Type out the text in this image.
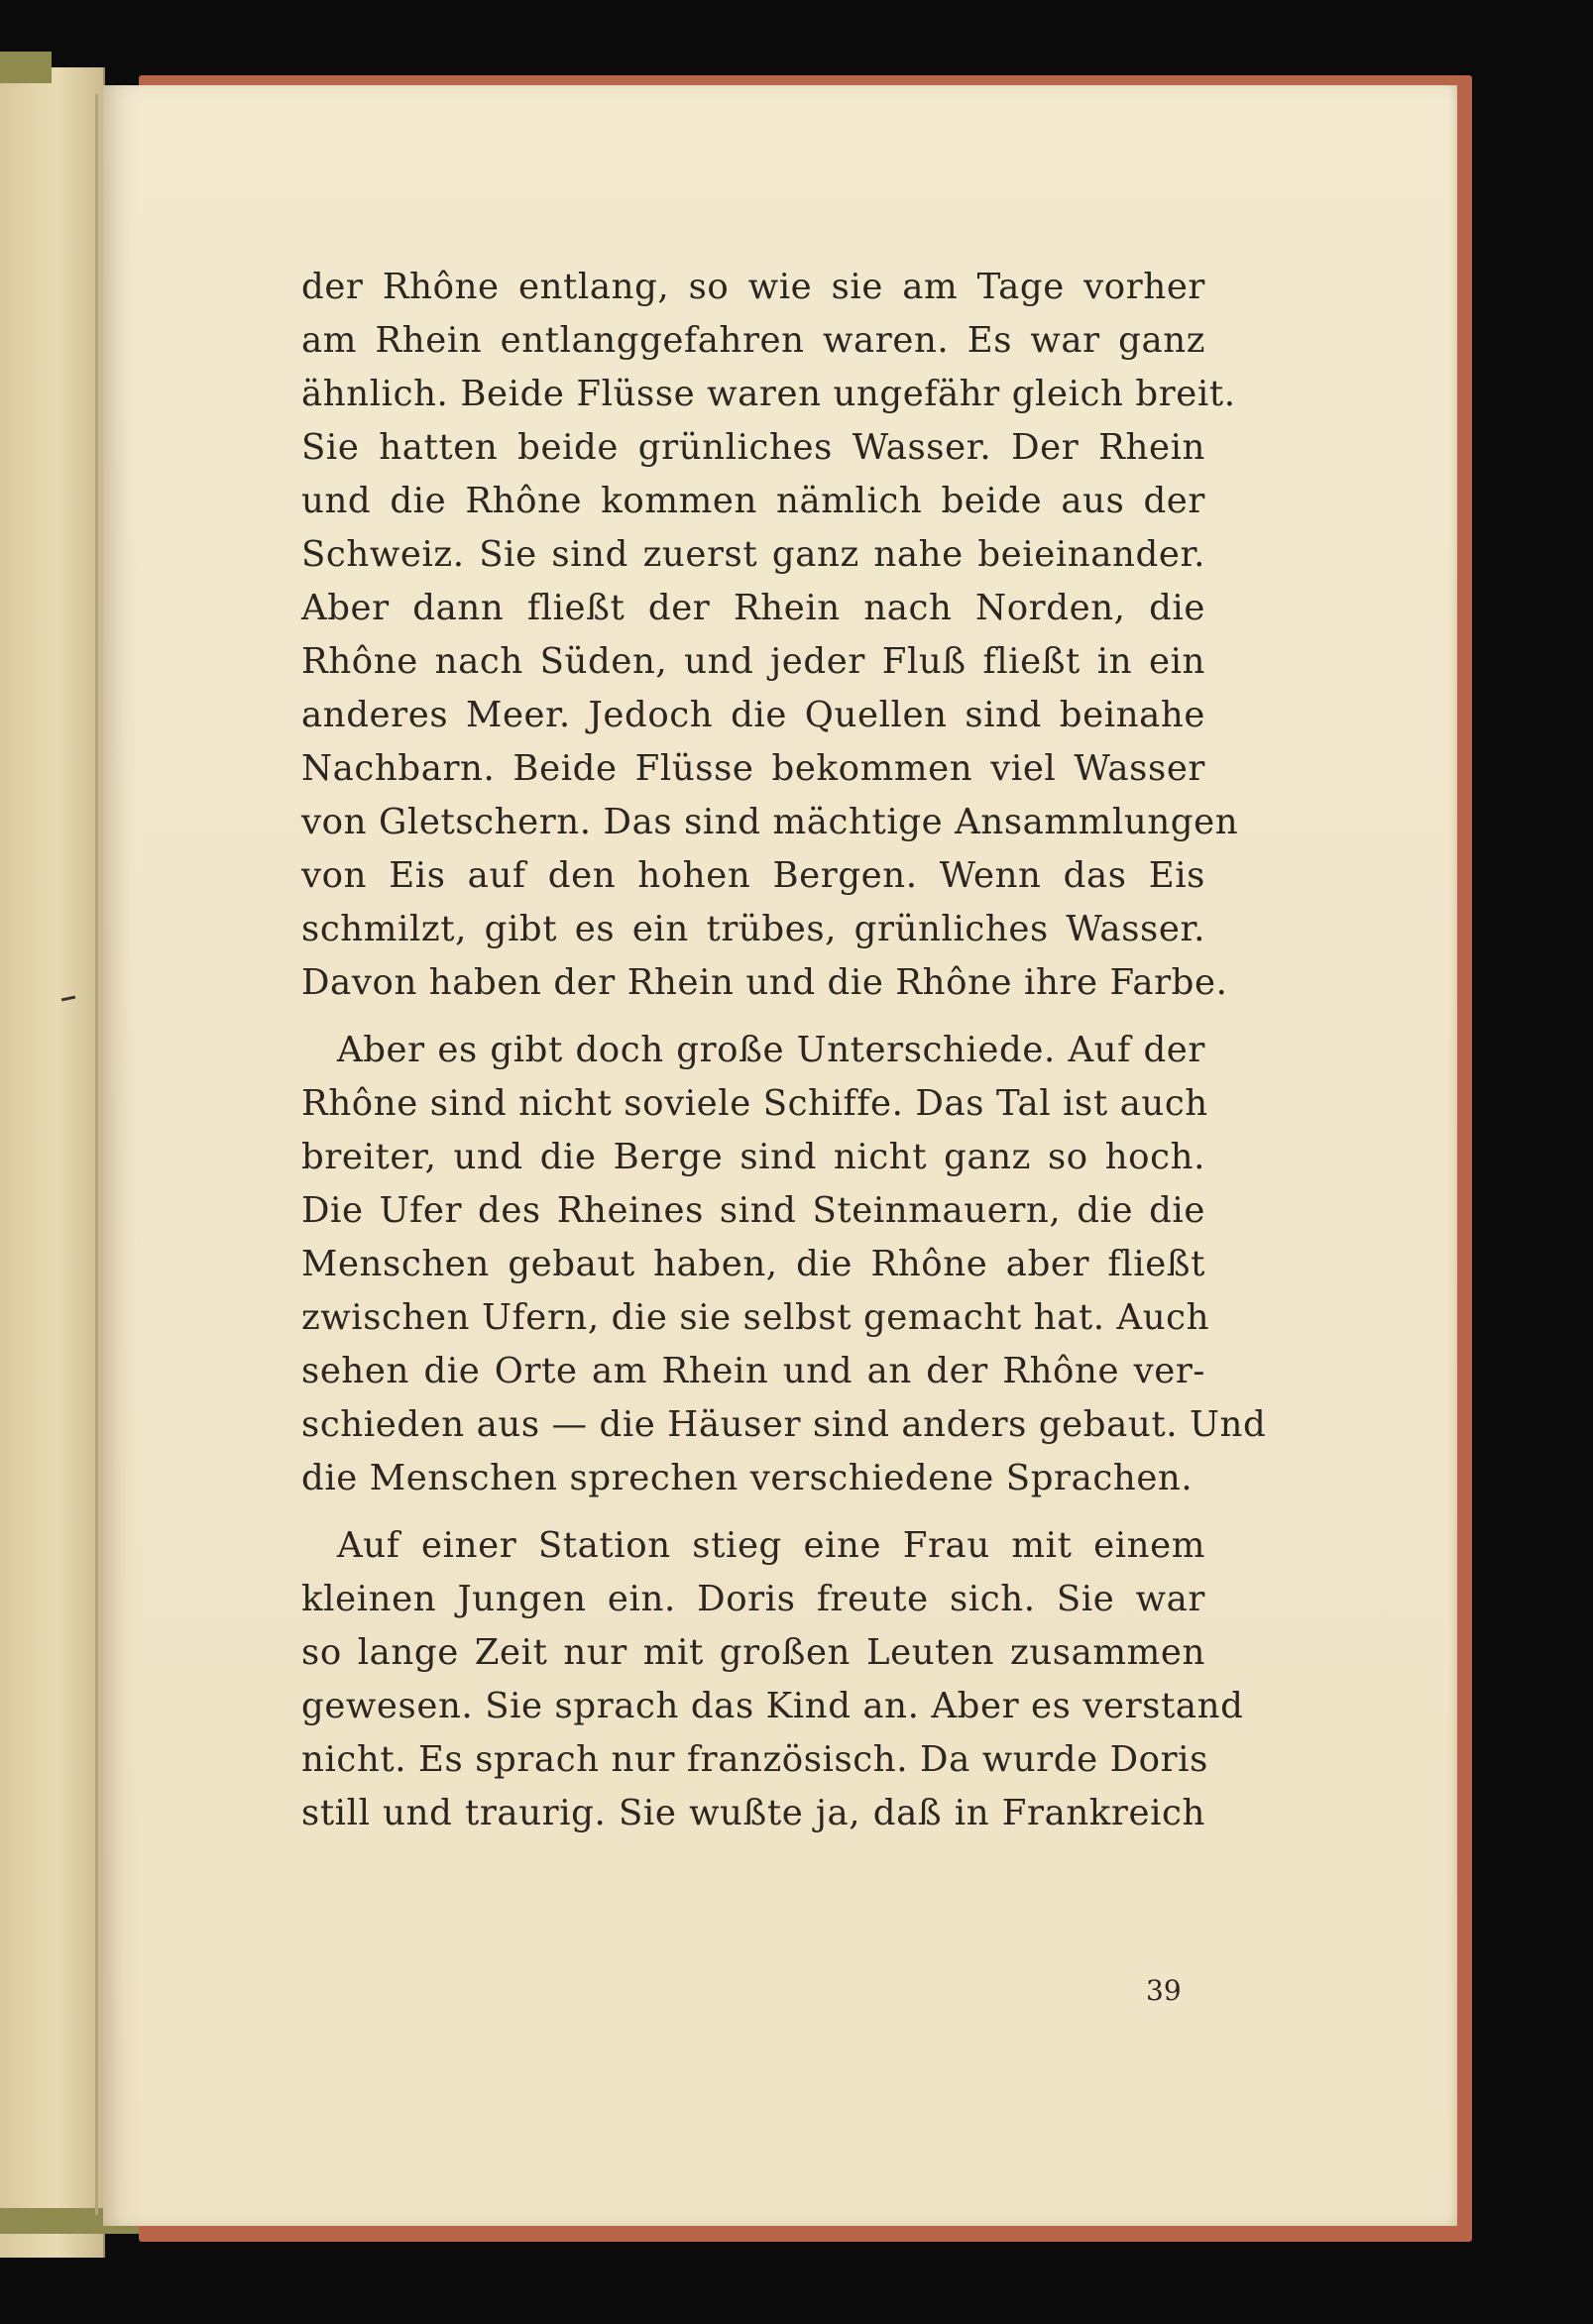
der Rhône entlang, so wie sie am Tage vorher
am Rhein entlanggefahren waren. Es war ganz
ähnlich. Beide Flüsse waren ungefähr gleich breit.
Sie hatten beide grünliches Wasser. Der Rhein
und die Rhône kommen nämlich beide aus der
Schweiz. Sie sind zuerst ganz nahe beieinander.
Aber dann fließt der Rhein nach Norden, die
Rhône nach Süden, und jeder Fluß fließt in ein
anderes Meer. Jedoch die Quellen sind beinahe
Nachbarn. Beide Flüsse bekommen viel Wasser
von Gletschern. Das sind mächtige Ansammlungen
von Eis auf den hohen Bergen. Wenn das Eis
schmilzt, gibt es ein trübes, grünliches Wasser.
Davon haben der Rhein und die Rhône ihre Farbe.
Aber es gibt doch große Unterschiede. Auf der
Rhône sind nicht soviele Schiffe. Das Tal ist auch
breiter, und die Berge sind nicht ganz so hoch.
Die Ufer des Rheines sind Steinmauern, die die
Menschen gebaut haben, die Rhône aber fließt
zwischen Ufern, die sie selbst gemacht hat. Auch
sehen die Orte am Rhein und an der Rhône ver-
schieden aus — die Häuser sind anders gebaut. Und
die Menschen sprechen verschiedene Sprachen.
Auf einer Station stieg eine Frau mit einem
kleinen Jungen ein. Doris freute sich. Sie war
so lange Zeit nur mit großen Leuten zusammen
gewesen. Sie sprach das Kind an. Aber es verstand
nicht. Es sprach nur französisch. Da wurde Doris
still und traurig. Sie wußte ja, daß in Frankreich
39
